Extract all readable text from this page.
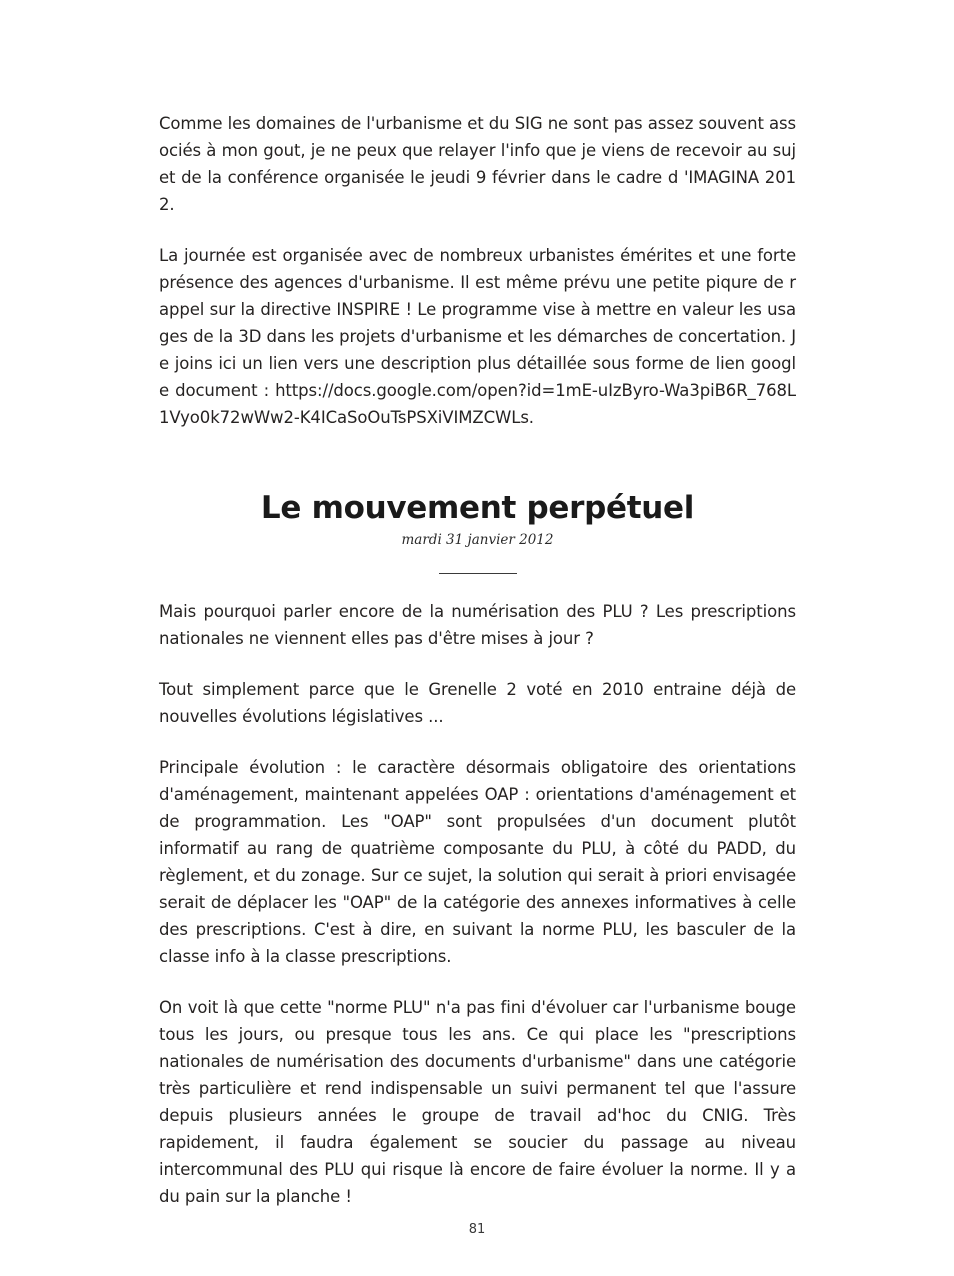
Comme les domaines de l'urbanisme et du SIG ne sont pas assez souvent associés à mon gout, je ne peux que relayer l'info que je viens de recevoir au sujet de la conférence organisée le jeudi 9 février dans le cadre d 'IMAGINA 2012.

La journée est organisée avec de nombreux urbanistes émérites et une forte présence des agences d'urbanisme. Il est même prévu une petite piqure de rappel sur la directive INSPIRE ! Le programme vise à mettre en valeur les usages de la 3D dans les projets d'urbanisme et les démarches de concertation. Je joins ici un lien vers une description plus détaillée sous forme de lien google document : https://docs.google.com/open?id=1mE-uIzByro-Wa3piB6R_768L1Vyo0k72wWw2-K4ICaSoOuTsPSXiVIMZCWLs.

Le mouvement perpétuel
mardi 31 janvier 2012

Mais pourquoi parler encore de la numérisation des PLU ? Les prescriptions nationales ne viennent elles pas d'être mises à jour ?

Tout simplement parce que le Grenelle 2 voté en 2010 entraine déjà de nouvelles évolutions législatives ...

Principale évolution : le caractère désormais obligatoire des orientations d'aménagement, maintenant appelées OAP : orientations d'aménagement et de programmation. Les "OAP" sont propulsées d'un document plutôt informatif au rang de quatrième composante du PLU, à côté du PADD, du règlement, et du zonage. Sur ce sujet, la solution qui serait à priori envisagée serait de déplacer les "OAP" de la catégorie des annexes informatives à celle des prescriptions. C'est à dire, en suivant la norme PLU, les basculer de la classe info à la classe prescriptions.

On voit là que cette "norme PLU" n'a pas fini d'évoluer car l'urbanisme bouge tous les jours, ou presque tous les ans. Ce qui place les "prescriptions nationales de numérisation des documents d'urbanisme" dans une catégorie très particulière et rend indispensable un suivi permanent tel que l'assure depuis plusieurs années le groupe de travail ad'hoc du CNIG. Très rapidement, il faudra également se soucier du passage au niveau intercommunal des PLU qui risque là encore de faire évoluer la norme. Il y a du pain sur la planche !

81
